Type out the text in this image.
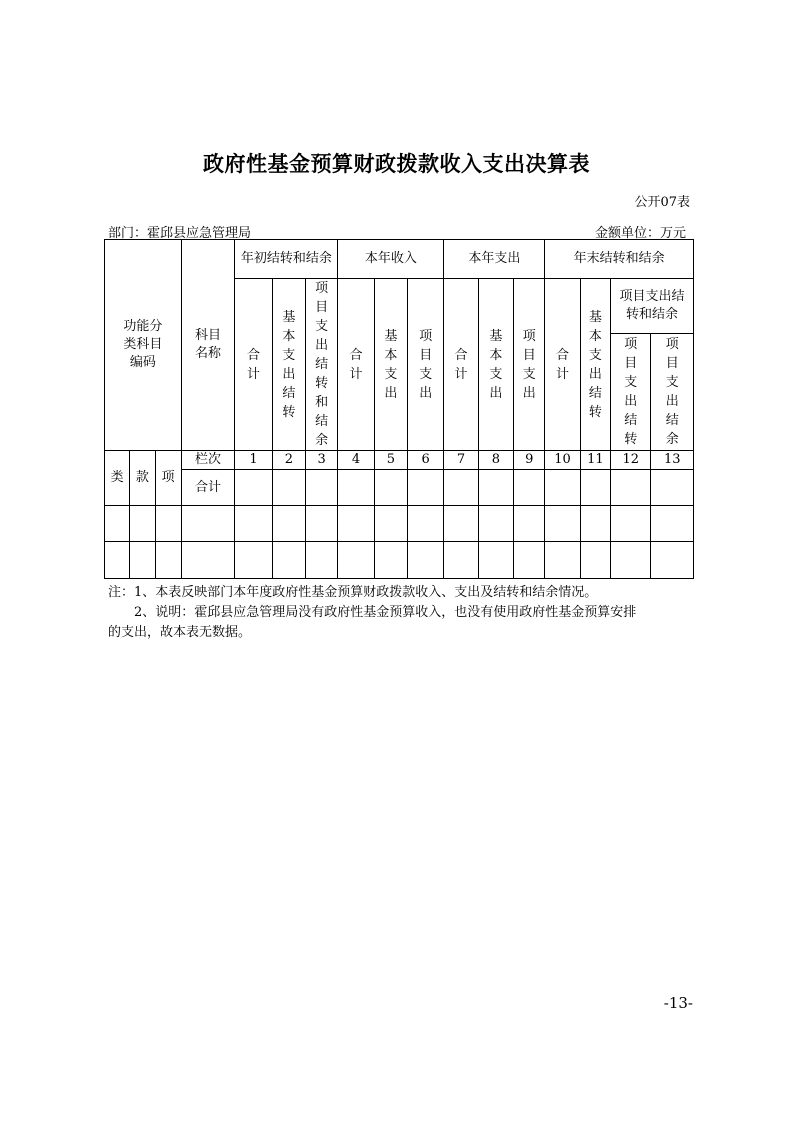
政府性基金预算财政拨款收入支出决算表
公开07表
部门：霍邱县应急管理局	金额单位：万元
功能分类科目编码			科目名称	年初结转和结余			本年收入			本年支出			年末结转和结余			
				合计	基本支出结转	项目支出结转和结余	合计	基本支出	项目支出	合计	基本支出	项目支出	合计	基本支出结转	项目支出结转和结余	
															项目支出结转	项目支出结余
类	款	项	栏次	1	2	3	4	5	6	7	8	9	10	11	12	13
			合计													

注：1、本表反映部门本年度政府性基金预算财政拨款收入、支出及结转和结余情况。
2、说明：霍邱县应急管理局没有政府性基金预算收入，也没有使用政府性基金预算安排
的支出，故本表无数据。
-13-
